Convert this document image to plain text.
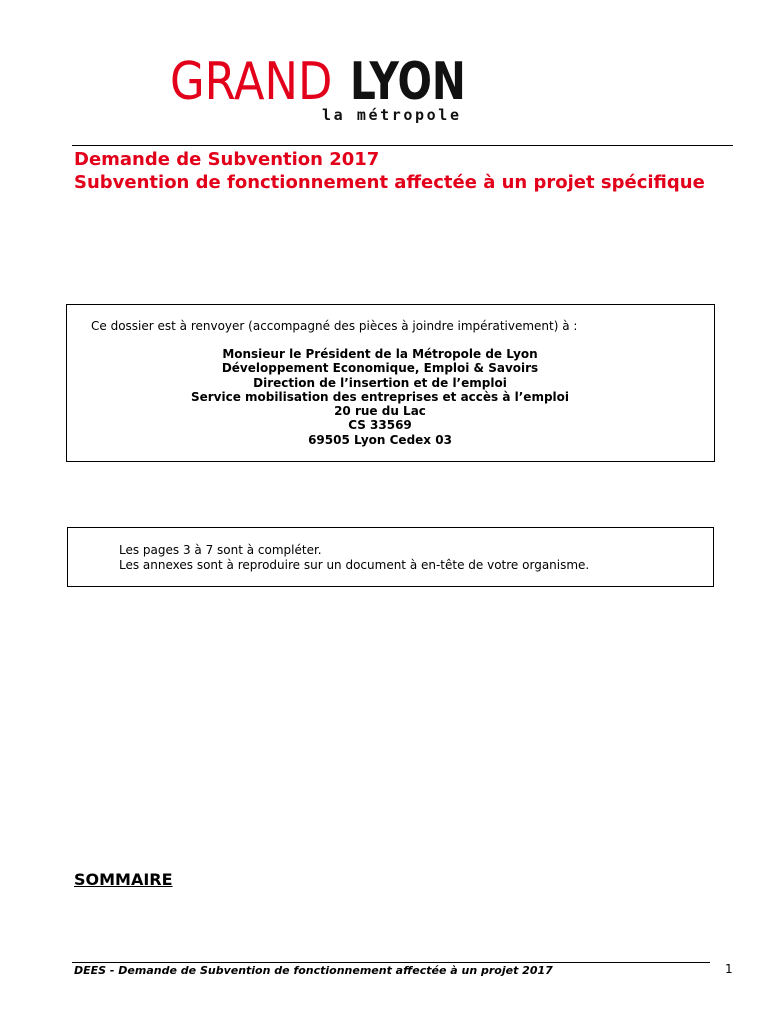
GRAND LYON
la métropole
Demande de Subvention 2017
Subvention de fonctionnement affectée à un projet spécifique
Ce dossier est à renvoyer (accompagné des pièces à joindre impérativement) à :
Monsieur le Président de la Métropole de Lyon
Développement Economique, Emploi & Savoirs
Direction de l’insertion et de l’emploi
Service mobilisation des entreprises et accès à l’emploi
20 rue du Lac
CS 33569
69505 Lyon Cedex 03
Les pages 3 à 7 sont à compléter.
Les annexes sont à reproduire sur un document à en-tête de votre organisme.
SOMMAIRE
DEES - Demande de Subvention de fonctionnement affectée à un projet 2017	1
